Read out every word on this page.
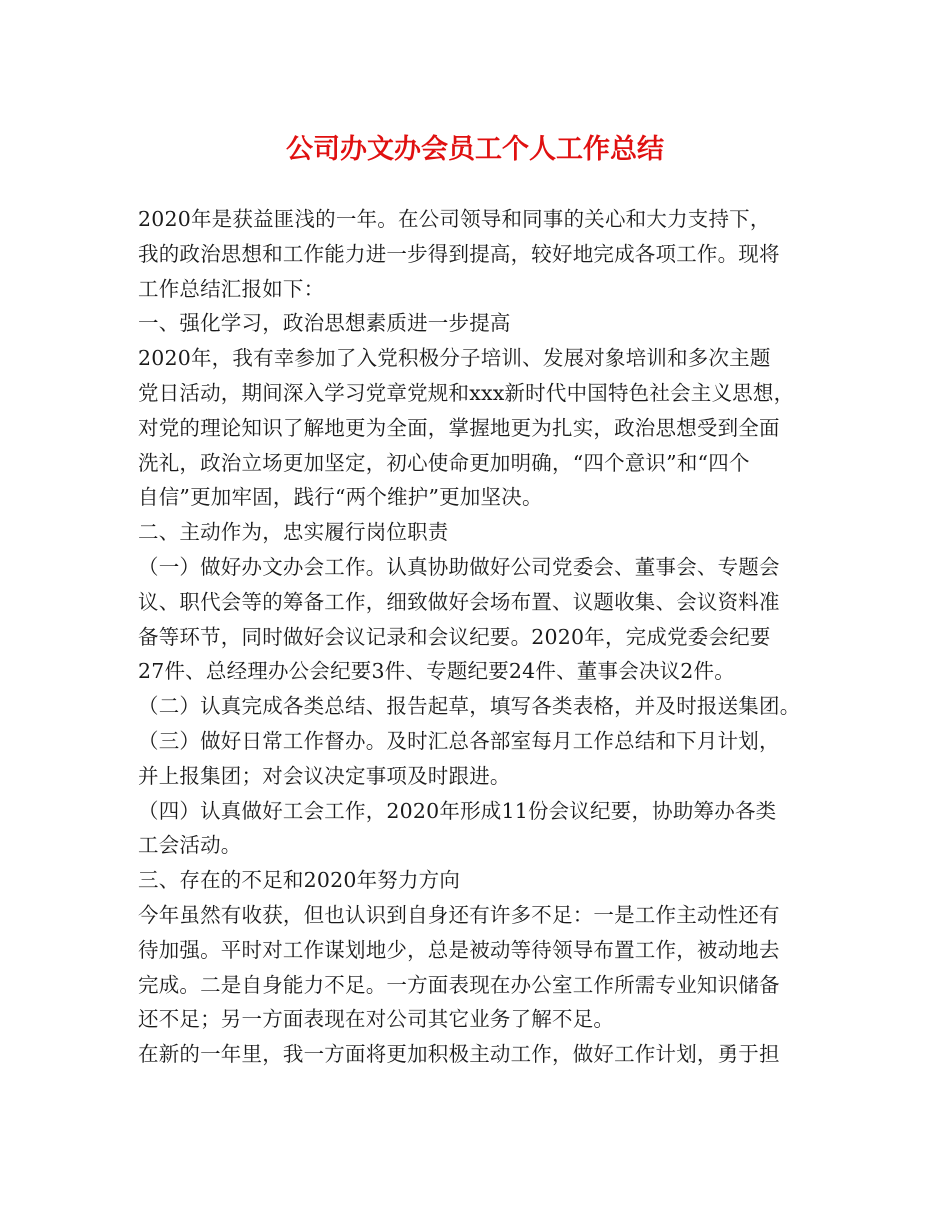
公司办文办会员工个人工作总结
2020年是获益匪浅的一年。在公司领导和同事的关心和大力支持下，
我的政治思想和工作能力进一步得到提高，较好地完成各项工作。现将
工作总结汇报如下：
一、强化学习，政治思想素质进一步提高
2020年，我有幸参加了入党积极分子培训、发展对象培训和多次主题
党日活动，期间深入学习党章党规和xxx新时代中国特色社会主义思想，
对党的理论知识了解地更为全面，掌握地更为扎实，政治思想受到全面
洗礼，政治立场更加坚定，初心使命更加明确，“四个意识”和“四个
自信”更加牢固，践行“两个维护”更加坚决。
二、主动作为，忠实履行岗位职责
（一）做好办文办会工作。认真协助做好公司党委会、董事会、专题会
议、职代会等的筹备工作，细致做好会场布置、议题收集、会议资料准
备等环节，同时做好会议记录和会议纪要。2020年，完成党委会纪要
27件、总经理办公会纪要3件、专题纪要24件、董事会决议2件。
（二）认真完成各类总结、报告起草，填写各类表格，并及时报送集团。
（三）做好日常工作督办。及时汇总各部室每月工作总结和下月计划，
并上报集团；对会议决定事项及时跟进。
（四）认真做好工会工作，2020年形成11份会议纪要，协助筹办各类
工会活动。
三、存在的不足和2020年努力方向
今年虽然有收获，但也认识到自身还有许多不足：一是工作主动性还有
待加强。平时对工作谋划地少，总是被动等待领导布置工作，被动地去
完成。二是自身能力不足。一方面表现在办公室工作所需专业知识储备
还不足；另一方面表现在对公司其它业务了解不足。
在新的一年里，我一方面将更加积极主动工作，做好工作计划，勇于担
